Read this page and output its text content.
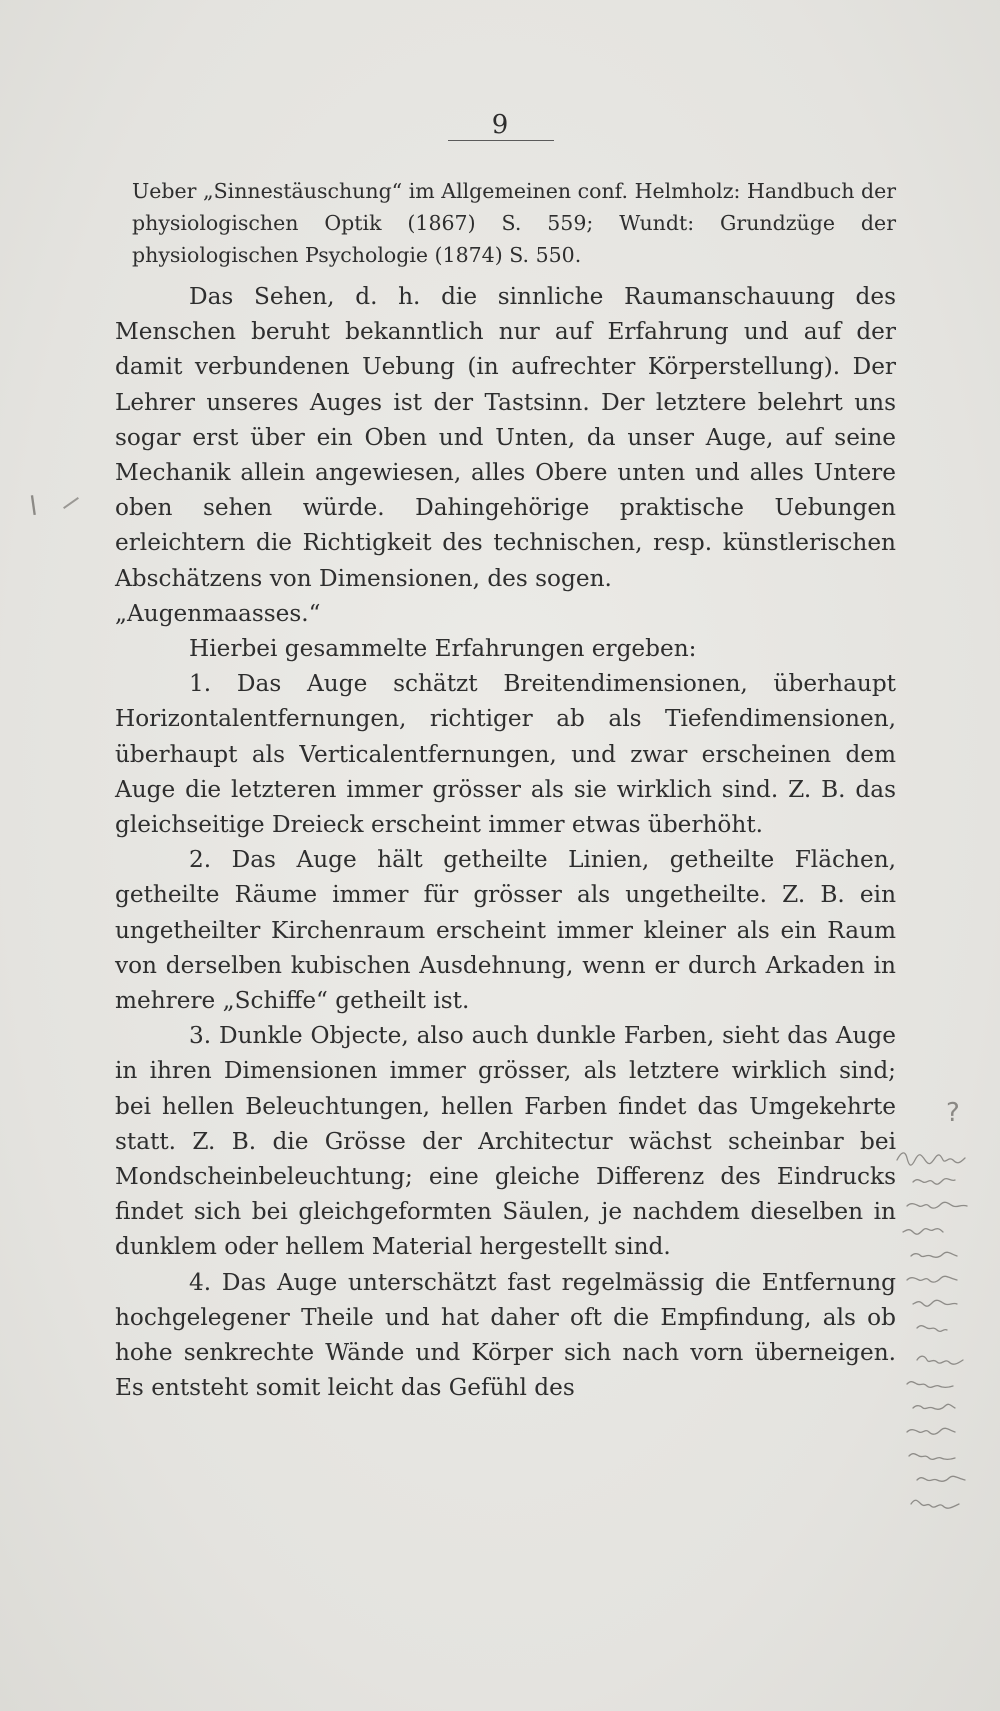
9

Ueber „Sinnestäuschung“ im Allgemeinen conf. Helmholz: Handbuch der physiologischen Optik (1867) S. 559; Wundt: Grundzüge der physiologischen Psychologie (1874) S. 550.

Das Sehen, d. h. die sinnliche Raumanschauung des Menschen beruht bekanntlich nur auf Erfahrung und auf der damit verbundenen Uebung (in aufrechter Körperstellung). Der Lehrer unseres Auges ist der Tastsinn. Der letztere belehrt uns sogar erst über ein Oben und Unten, da unser Auge, auf seine Mechanik allein angewiesen, alles Obere unten und alles Untere oben sehen würde. Dahingehörige praktische Uebungen erleichtern die Richtigkeit des technischen, resp. künstlerischen Abschätzens von Dimensionen, des sogen.

„Augenmaasses.“

Hierbei gesammelte Erfahrungen ergeben:

1. Das Auge schätzt Breitendimensionen, überhaupt Horizontalentfernungen, richtiger ab als Tiefendimensionen, überhaupt als Verticalentfernungen, und zwar erscheinen dem Auge die letzteren immer grösser als sie wirklich sind. Z. B. das gleichseitige Dreieck erscheint immer etwas überhöht.

2. Das Auge hält getheilte Linien, getheilte Flächen, getheilte Räume immer für grösser als ungetheilte. Z. B. ein ungetheilter Kirchenraum erscheint immer kleiner als ein Raum von derselben kubischen Ausdehnung, wenn er durch Arkaden in mehrere „Schiffe“ getheilt ist.

3. Dunkle Objecte, also auch dunkle Farben, sieht das Auge in ihren Dimensionen immer grösser, als letztere wirklich sind; bei hellen Beleuchtungen, hellen Farben findet das Umgekehrte statt. Z. B. die Grösse der Architectur wächst scheinbar bei Mondscheinbeleuchtung; eine gleiche Differenz des Eindrucks findet sich bei gleichgeformten Säulen, je nachdem dieselben in dunklem oder hellem Material hergestellt sind.

4. Das Auge unterschätzt fast regelmässig die Entfernung hochgelegener Theile und hat daher oft die Empfindung, als ob hohe senkrechte Wände und Körper sich nach vorn überneigen. Es entsteht somit leicht das Gefühl des

l
?
